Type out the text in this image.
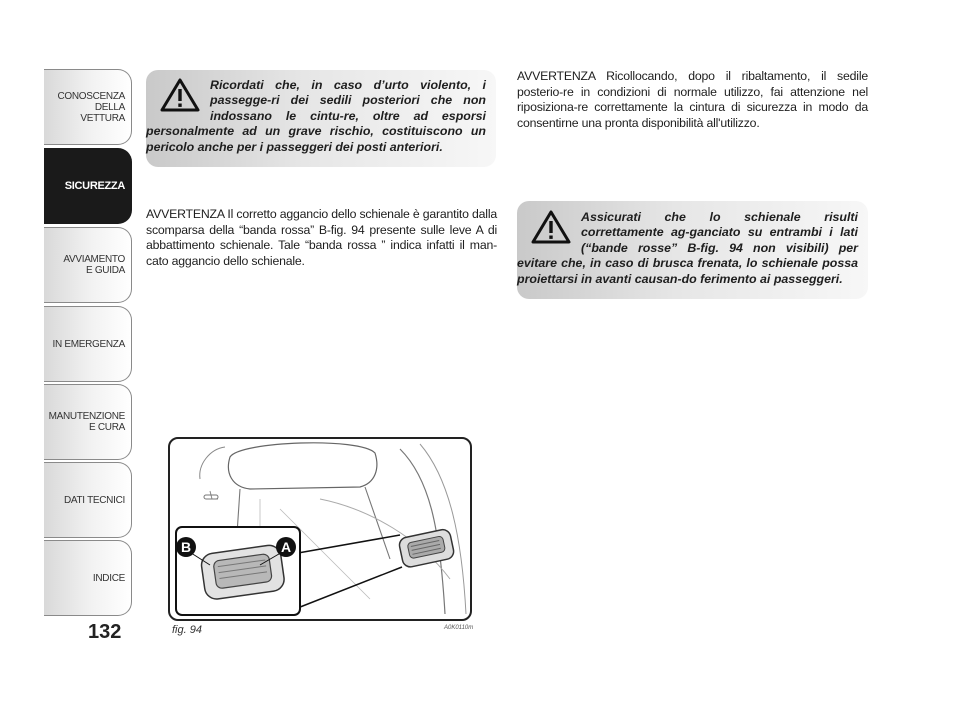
CONOSCENZA
DELLA
VETTURA
SICUREZZA
AVVIAMENTO
E GUIDA
IN EMERGENZA
MANUTENZIONE
E CURA
DATI TECNICI
INDICE
132

Ricordati che, in caso d’urto violento, i passegge-ri dei sedili posteriori che non indossano le cintu-re, oltre ad esporsi personalmente ad un grave rischio, costituiscono un pericolo anche per i passeggeri dei posti anteriori.

AVVERTENZA Il corretto aggancio dello schienale è garantito dalla scomparsa della “banda rossa” B-fig. 94 presente sulle leve A di abbattimento schienale. Tale “banda rossa ” indica infatti il man-cato aggancio dello schienale.
B	A
fig. 94	A0K0110m
AVVERTENZA Ricollocando, dopo il ribaltamento, il sedile posterio-re in condizioni di normale utilizzo, fai attenzione nel riposiziona-re correttamente la cintura di sicurezza in modo da consentirne una pronta disponibilità all'utilizzo.

Assicurati che lo schienale risulti correttamente ag-ganciato su entrambi i lati (“bande rosse” B-fig. 94 non visibili) per evitare che, in caso di brusca frenata, lo schienale possa proiettarsi in avanti causan-do ferimento ai passeggeri.
